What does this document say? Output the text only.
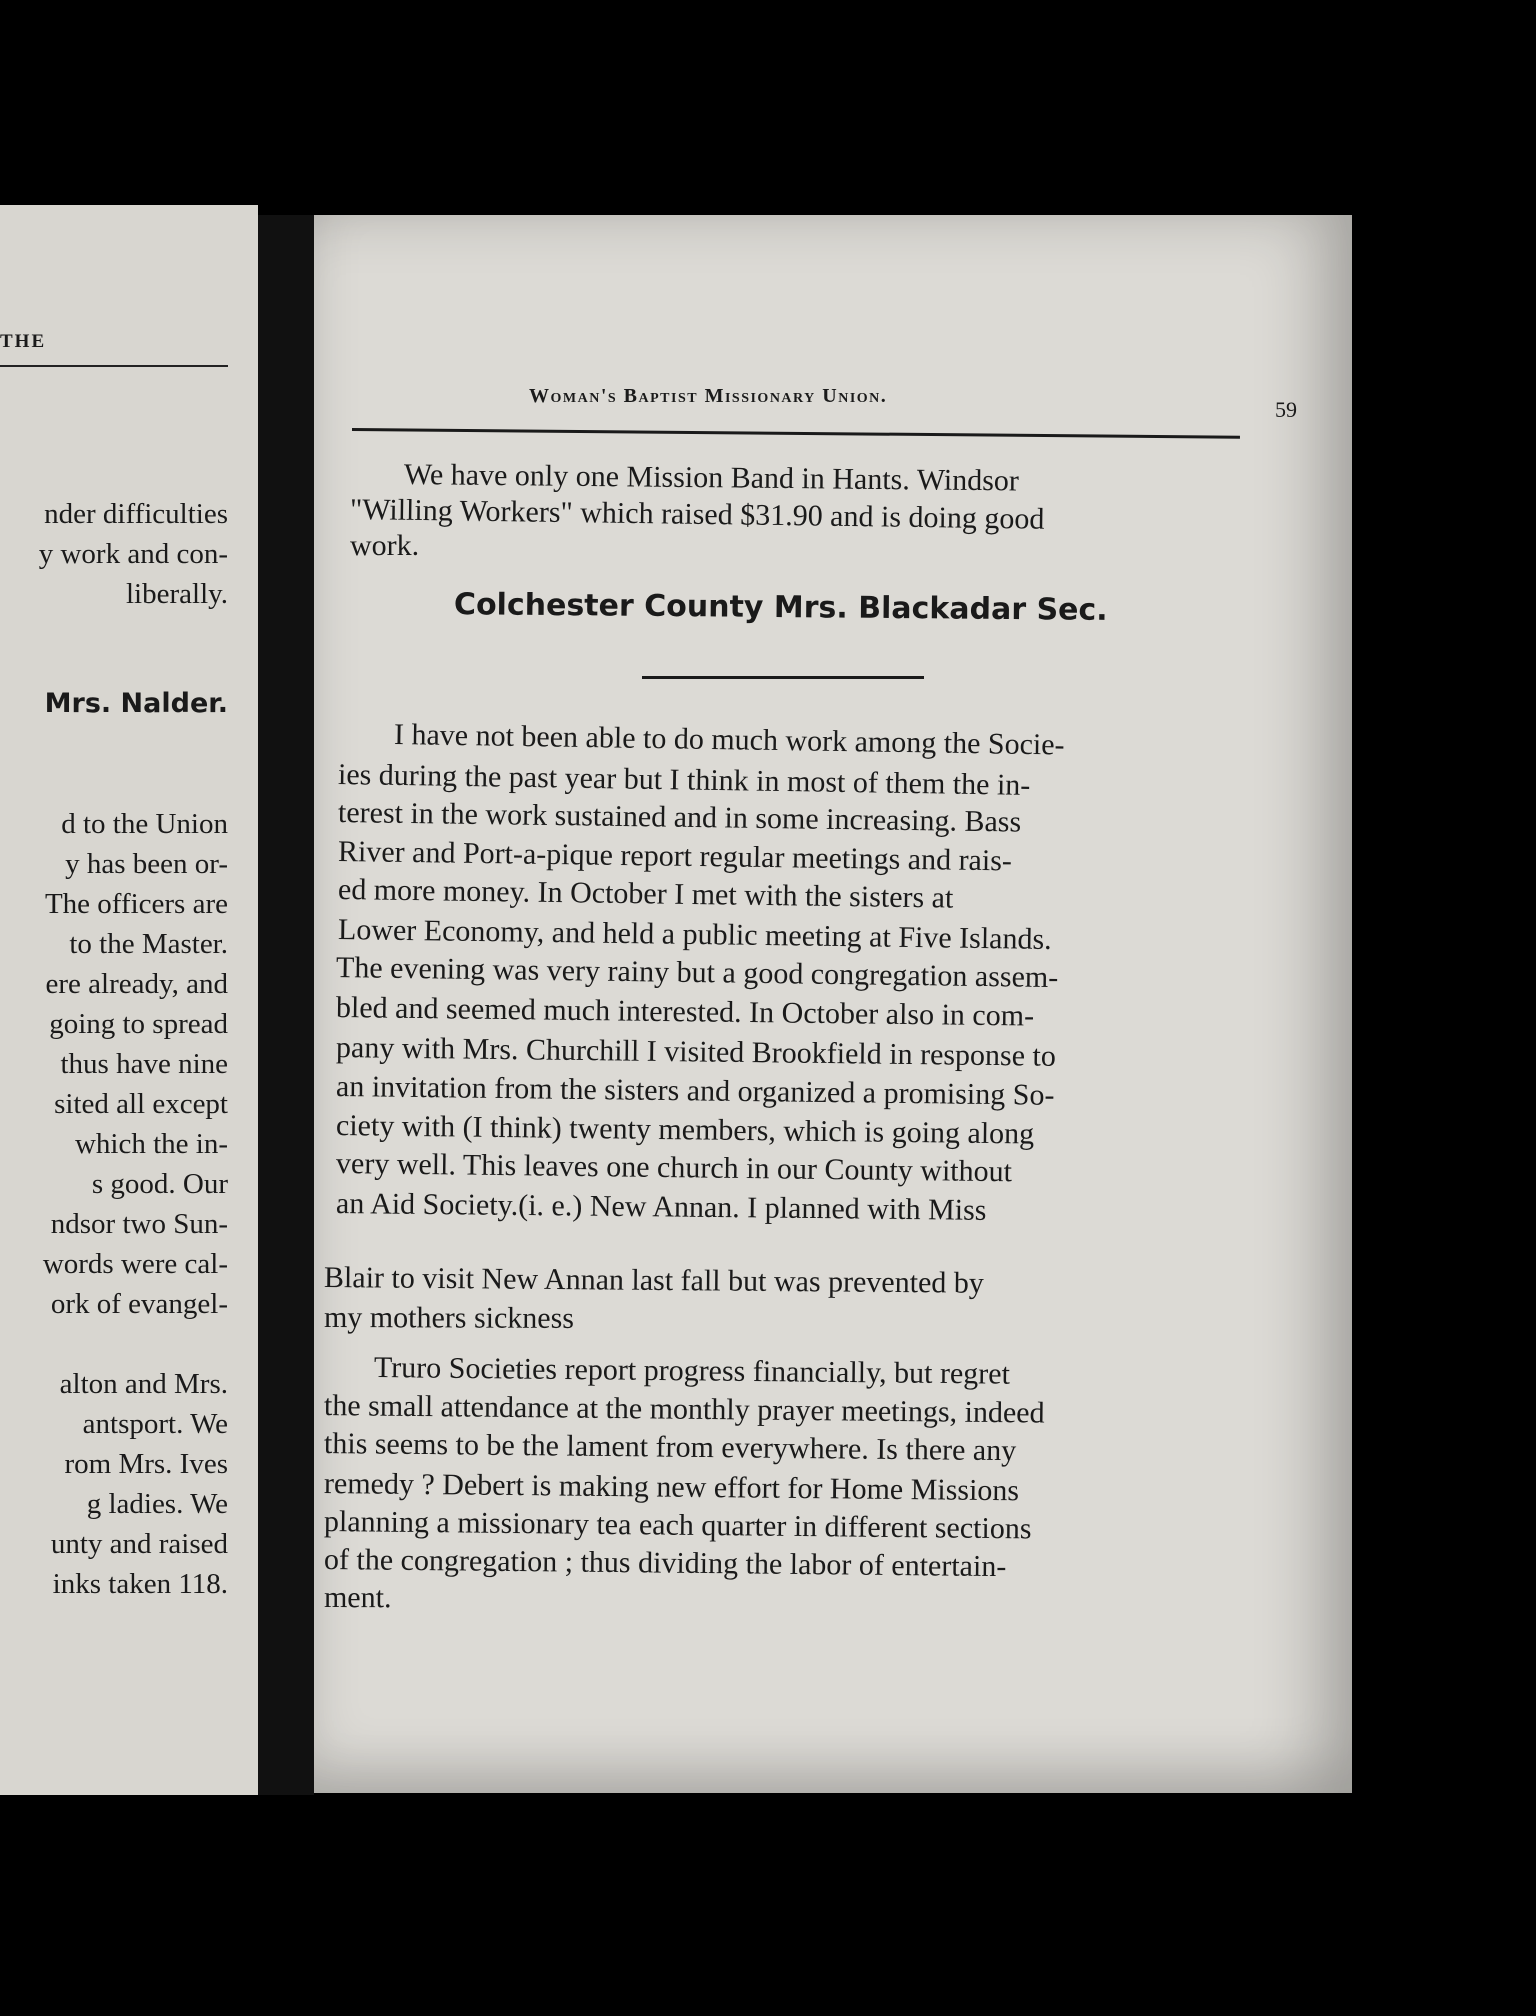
THE
nder difficulties
y work and con-
liberally.
Mrs. Nalder.
d to the Union
y has been or-
The officers are
to the Master.
ere already, and
going to spread
thus have nine
sited all except
which the in-
s good. Our
ndsor two Sun-
words were cal-
ork of evangel-
alton and Mrs.
antsport. We
rom Mrs. Ives
g ladies. We
unty and raised
inks taken 118.
Woman's Baptist Missionary Union.
59
We have only one Mission Band in Hants. Windsor
"Willing Workers" which raised $31.90 and is doing good
work.
Colchester County Mrs. Blackadar Sec.
I have not been able to do much work among the Socie-
ies during the past year but I think in most of them the in-
terest in the work sustained and in some increasing. Bass
River and Port-a-pique report regular meetings and rais-
ed more money. In October I met with the sisters at
Lower Economy, and held a public meeting at Five Islands.
The evening was very rainy but a good congregation assem-
bled and seemed much interested. In October also in com-
pany with Mrs. Churchill I visited Brookfield in response to
an invitation from the sisters and organized a promising So-
ciety with (I think) twenty members, which is going along
very well. This leaves one church in our County without
an Aid Society.(i. e.) New Annan. I planned with Miss
Blair to visit New Annan last fall but was prevented by
my mothers sickness
Truro Societies report progress financially, but regret
the small attendance at the monthly prayer meetings, indeed
this seems to be the lament from everywhere. Is there any
remedy ? Debert is making new effort for Home Missions
planning a missionary tea each quarter in different sections
of the congregation ; thus dividing the labor of entertain-
ment.
